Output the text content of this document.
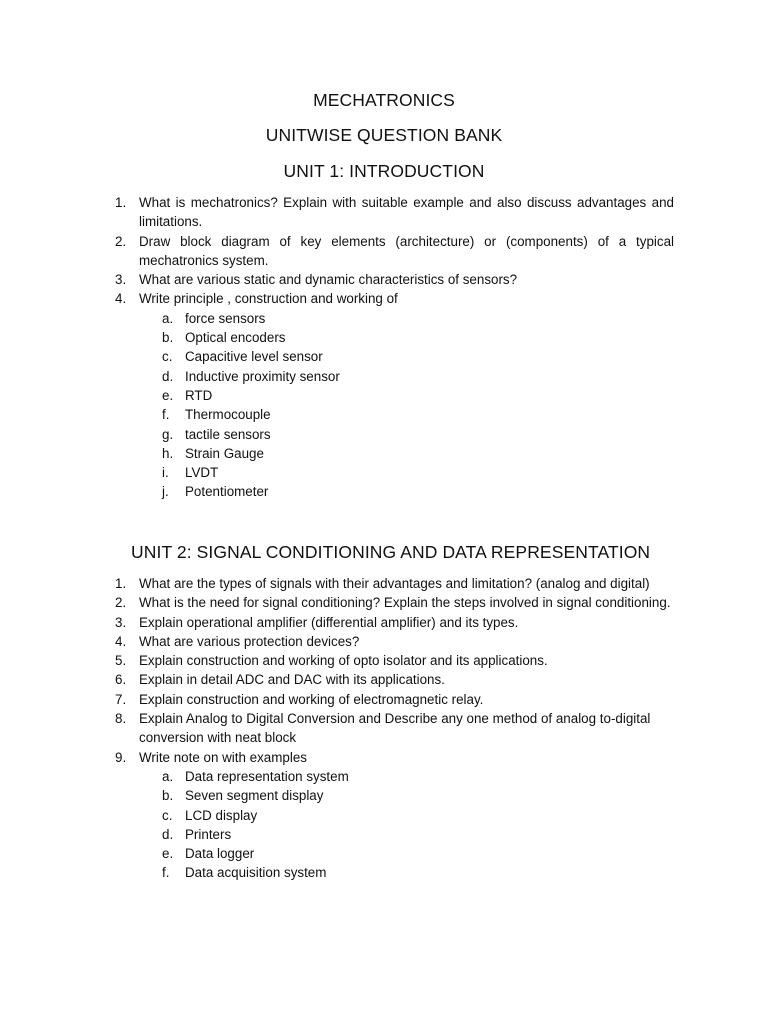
MECHATRONICS
UNITWISE QUESTION BANK
UNIT 1: INTRODUCTION
1. What is mechatronics? Explain with suitable example and also discuss advantages and limitations.
2. Draw block diagram of key elements (architecture) or (components) of a typical mechatronics system.
3. What are various static and dynamic characteristics of sensors?
4. Write principle , construction and working of
a. force sensors
b. Optical encoders
c. Capacitive level sensor
d. Inductive proximity sensor
e. RTD
f. Thermocouple
g. tactile sensors
h. Strain Gauge
i. LVDT
j. Potentiometer
UNIT 2: SIGNAL CONDITIONING AND DATA REPRESENTATION
1. What are the types of signals with their advantages and limitation? (analog and digital)
2. What is the need for signal conditioning? Explain the steps involved in signal conditioning.
3. Explain operational amplifier (differential amplifier) and its types.
4. What are various protection devices?
5. Explain construction and working of opto isolator and its applications.
6. Explain in detail ADC and DAC with its applications.
7. Explain construction and working of electromagnetic relay.
8. Explain Analog to Digital Conversion and Describe any one method of analog to-digital conversion with neat block
9. Write note on with examples
a. Data representation system
b. Seven segment display
c. LCD display
d. Printers
e. Data logger
f. Data acquisition system
